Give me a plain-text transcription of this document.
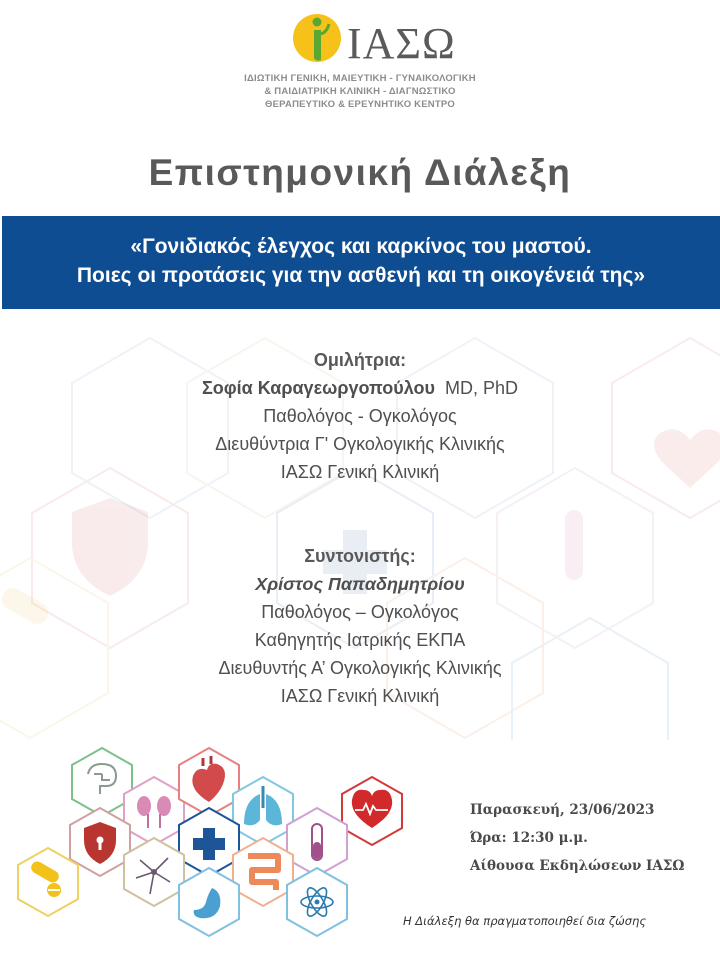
ΙΑΣΩ
ΙΔΙΩΤΙΚΗ ΓΕΝΙΚΗ, ΜΑΙΕΥΤΙΚΗ - ΓΥΝΑΙΚΟΛΟΓΙΚΗ
& ΠΑΙΔΙΑΤΡΙΚΗ ΚΛΙΝΙΚΗ - ΔΙΑΓΝΩΣΤΙΚΟ
ΘΕΡΑΠΕΥΤΙΚΟ & ΕΡΕΥΝΗΤΙΚΟ ΚΕΝΤΡΟ
Επιστημονική Διάλεξη
«Γονιδιακός έλεγχος και καρκίνος του μαστού.
Ποιες οι προτάσεις για την ασθενή και τη οικογένειά της»
Ομιλήτρια:
Σοφία Καραγεωργοπούλου MD, PhD
Παθολόγος - Ογκολόγος
Διευθύντρια Γ' Ογκολογικής Κλινικής
ΙΑΣΩ Γενική Κλινική
Συντονιστής:
Χρίστος Παπαδημητρίου
Παθολόγος – Ογκολόγος
Καθηγητής Ιατρικής ΕΚΠΑ
Διευθυντής Α’ Ογκολογικής Κλινικής
ΙΑΣΩ Γενική Κλινική
Παρασκευή, 23/06/2023
Ώρα: 12:30 μ.μ.
Αίθουσα Εκδηλώσεων ΙΑΣΩ
Η Διάλεξη θα πραγματοποιηθεί δια ζώσης
